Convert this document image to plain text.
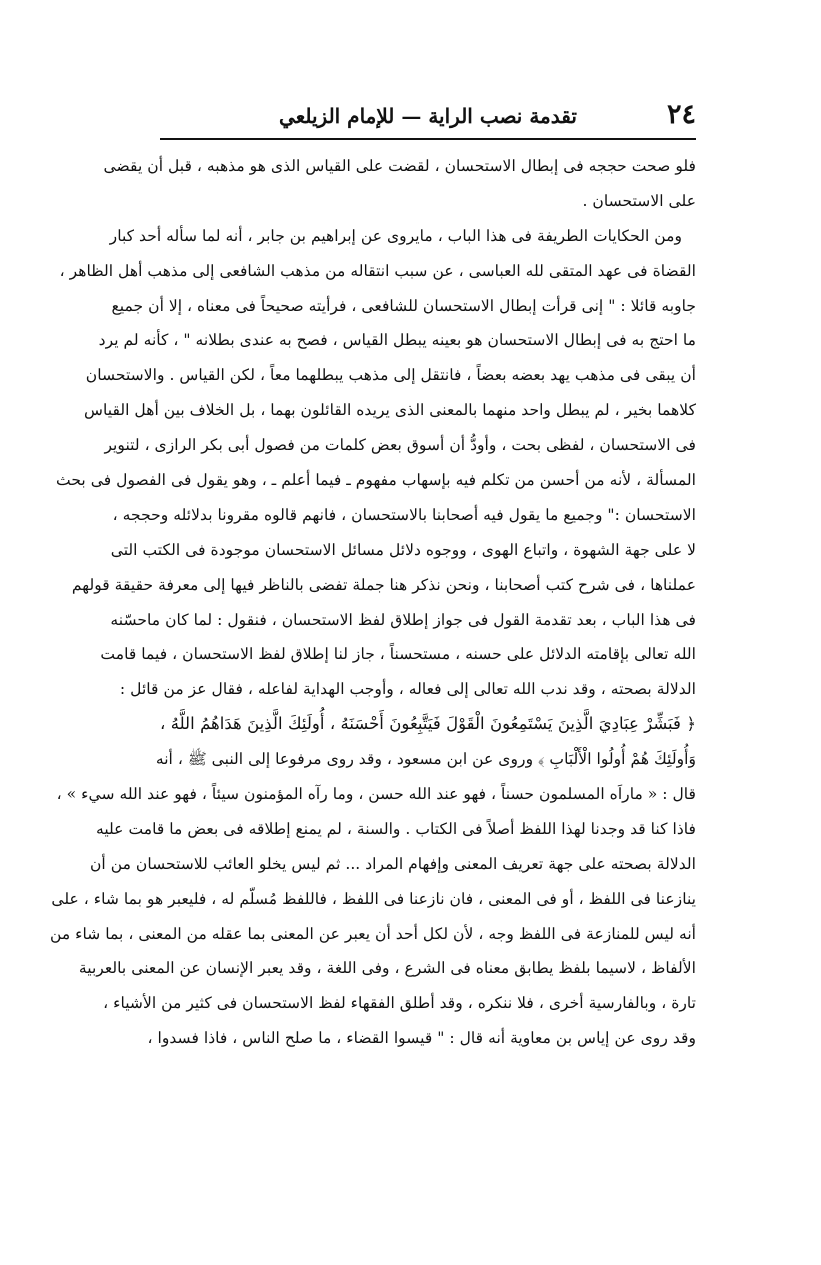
٢٤
تقدمة نصب الراية — للإمام الزيلعي
فلو صحت حججه فى إبطال الاستحسان ، لقضت على القياس الذى هو مذهبه ، قبل أن يقضى
على الاستحسان .
ومن الحكايات الطريفة فى هذا الباب ، مايروى عن إبراهيم بن جابر ، أنه لما سأله أحد كبار
القضاة فى عهد المتقى لله العباسى ، عن سبب انتقاله من مذهب الشافعى إلى مذهب أهل الظاهر ،
جاوبه قائلا : " إنى قرأت إبطال الاستحسان للشافعى ، فرأيته صحيحاً فى معناه ، إلا أن جميع
ما احتج به فى إبطال الاستحسان هو بعينه يبطل القياس ، فصح به عندى بطلانه " ، كأنه لم يرد
أن يبقى فى مذهب يهد بعضه بعضاً ، فانتقل إلى مذهب يبطلهما معاً ، لكن القياس . والاستحسان
كلاهما بخير ، لم يبطل واحد منهما بالمعنى الذى يريده القائلون بهما ، بل الخلاف بين أهل القياس
فى الاستحسان ، لفظى بحت ، وأودُّ أن أسوق بعض كلمات من فصول أبى بكر الرازى ، لتنوير
المسألة ، لأنه من أحسن من تكلم فيه بإسهاب مفهوم ـ فيما أعلم ـ ، وهو يقول فى الفصول فى بحث
الاستحسان :" وجميع ما يقول فيه أصحابنا بالاستحسان ، فانهم قالوه مقرونا بدلائله وحججه ،
لا على جهة الشهوة ، واتباع الهوى ، ووجوه دلائل مسائل الاستحسان موجودة فى الكتب التى
عملناها ، فى شرح كتب أصحابنا ، ونحن نذكر هنا جملة تفضى بالناظر فيها إلى معرفة حقيقة قولهم
فى هذا الباب ، بعد تقدمة القول فى جواز إطلاق لفظ الاستحسان ، فنقول : لما كان ماحسّنه
الله تعالى بإقامته الدلائل على حسنه ، مستحسناً ، جاز لنا إطلاق لفظ الاستحسان ، فيما قامت
الدلالة بصحته ، وقد ندب الله تعالى إلى فعاله ، وأوجب الهداية لفاعله ، فقال عز من قائل :
﴿ فَبَشِّرْ عِبَادِيَ الَّذِينَ يَسْتَمِعُونَ الْقَوْلَ فَيَتَّبِعُونَ أَحْسَنَهُ ، أُولَئِكَ الَّذِينَ هَدَاهُمُ اللَّهُ ،
وَأُولَئِكَ هُمْ أُولُوا الْأَلْبَابِ ﴾ وروى عن ابن مسعود ، وقد روى مرفوعا إلى النبى ﷺ ، أنه
قال : « ماراَه المسلمون حسناً ، فهو عند الله حسن ، وما رآه المؤمنون سيئاً ، فهو عند الله سيء » ،
فاذا كنا قد وجدنا لهذا اللفظ أصلاً فى الكتاب . والسنة ، لم يمنع إطلاقه فى بعض ما قامت عليه
الدلالة بصحته على جهة تعريف المعنى وإفهام المراد ... ثم ليس يخلو العائب للاستحسان من أن
ينازعنا فى اللفظ ، أو فى المعنى ، فان نازعنا فى اللفظ ، فاللفظ مُسلّم له ، فليعبر هو بما شاء ، على
أنه ليس للمنازعة فى اللفظ وجه ، لأن لكل أحد أن يعبر عن المعنى بما عقله من المعنى ، بما شاء من
الألفاظ ، لاسيما بلفظ يطابق معناه فى الشرع ، وفى اللغة ، وقد يعبر الإنسان عن المعنى بالعربية
تارة ، وبالفارسية أخرى ، فلا ننكره ، وقد أطلق الفقهاء لفظ الاستحسان فى كثير من الأشياء ،
وقد روى عن إياس بن معاوية أنه قال : " قيسوا القضاء ، ما صلح الناس ، فاذا فسدوا ،
